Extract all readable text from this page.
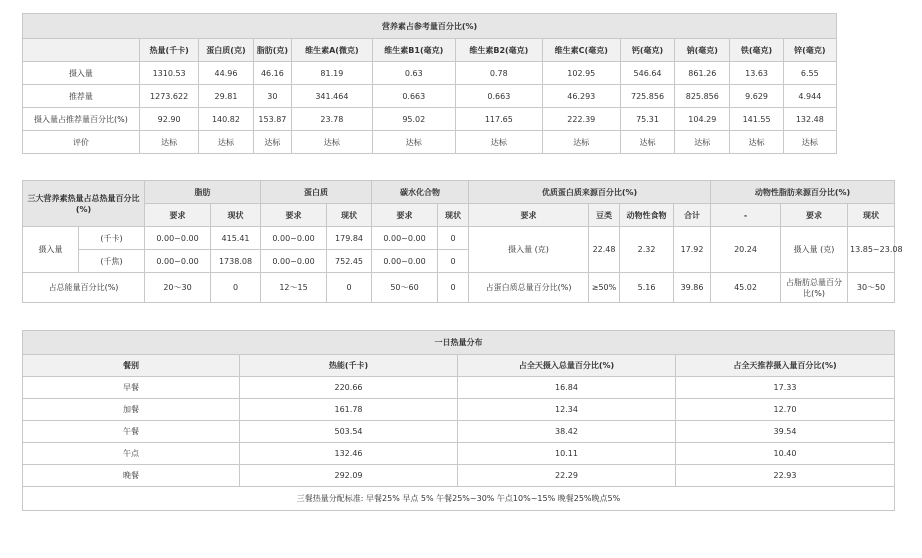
营养素占参考量百分比(%)											
	热量(千卡)	蛋白质(克)	脂肪(克)	维生素A(微克)	维生素B1(毫克)	维生素B2(毫克)	维生素C(毫克)	钙(毫克)	钠(毫克)	铁(毫克)	锌(毫克)
摄入量	1310.53	44.96	46.16	81.19	0.63	0.78	102.95	546.64	861.26	13.63	6.55
推荐量	1273.622	29.81	30	341.464	0.663	0.663	46.293	725.856	825.856	9.629	4.944
摄入量占推荐量百分比(%)	92.90	140.82	153.87	23.78	95.02	117.65	222.39	75.31	104.29	141.55	132.48
评价	达标	达标	达标	达标	达标	达标	达标	达标	达标	达标	达标
三大营养素热量占总热量百分比(%)		脂肪		蛋白质		碳水化合物		优质蛋白质来源百分比(%)				动物性脂肪来源百分比(%)			
		要求	现状	要求	现状	要求	现状	要求	豆类	动物性食物	合计	-	要求	现状	
摄入量	(千卡)	0.00~0.00	415.41	0.00~0.00	179.84	0.00~0.00	0	摄入量 (克)	22.48	2.32	17.92	20.24	摄入量 (克)	13.85~23.08	
	(千焦)	0.00~0.00	1738.08	0.00~0.00	752.45	0.00~0.00	0								
占总能量百分比(%)		20～30	0	12～15	0	50～60	0	占蛋白质总量百分比(%)	≥50%	5.16	39.86	45.02	占脂肪总量百分比(%)	30～50	
一日热量分布			
餐别	热能(千卡)	占全天摄入总量百分比(%)	占全天推荐摄入量百分比(%)
早餐	220.66	16.84	17.33
加餐	161.78	12.34	12.70
午餐	503.54	38.42	39.54
午点	132.46	10.11	10.40
晚餐	292.09	22.29	22.93
三餐热量分配标准: 早餐25% 早点 5% 午餐25%~30% 午点10%~15% 晚餐25%晚点5%			
